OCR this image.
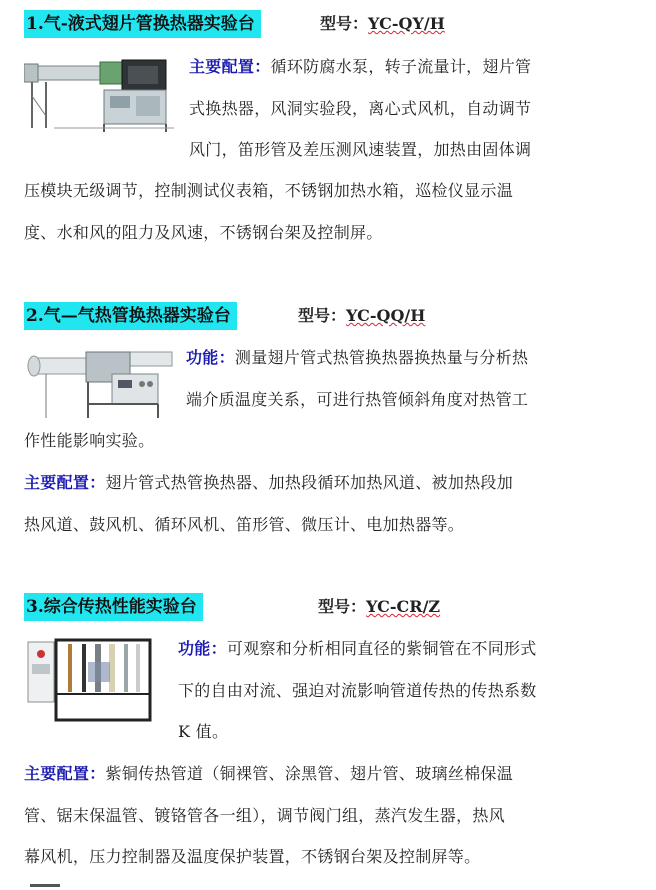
1.气-液式翅片管换热器实验台	型号：YC-QY/H

主要配置：循环防腐水泵，转子流量计，翅片管

式换热器，风洞实验段，离心式风机，自动调节

风门，笛形管及差压测风速装置，加热由固体调

压模块无级调节，控制测试仪表箱，不锈钢加热水箱，巡检仪显示温

度、水和风的阻力及风速，不锈钢台架及控制屏。

2.气—气热管换热器实验台	型号：YC-QQ/H

功能：测量翅片管式热管换热器换热量与分析热

端介质温度关系，可进行热管倾斜角度对热管工

作性能影响实验。

主要配置：翅片管式热管换热器、加热段循环加热风道、被加热段加

热风道、鼓风机、循环风机、笛形管、微压计、电加热器等。

3.综合传热性能实验台	型号：YC-CR/Z

功能：可观察和分析相同直径的紫铜管在不同形式

下的自由对流、强迫对流影响管道传热的传热系数

K 值。

主要配置：紫铜传热管道（铜裸管、涂黑管、翅片管、玻璃丝棉保温

管、锯末保温管、镀铬管各一组），调节阀门组，蒸汽发生器，热风

幕风机，压力控制器及温度保护装置，不锈钢台架及控制屏等。
